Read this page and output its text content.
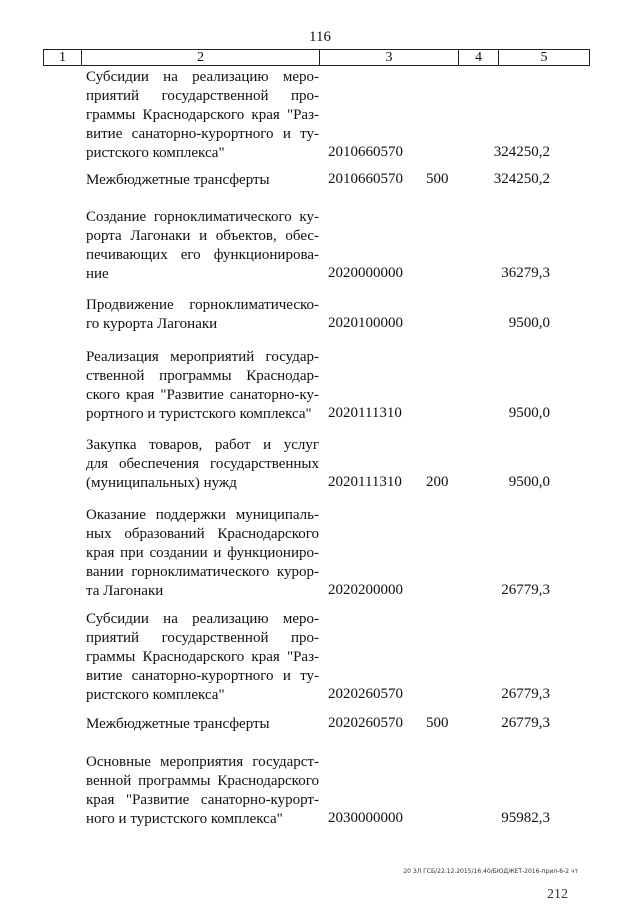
116
1	2	3	4	5
Субсидии на реализацию меро-
приятий государственной про-
граммы Краснодарского края "Раз-
витие санаторно-курортного и ту-
ристского комплекса"	2010660570	324250,2
Межбюджетные трансферты	2010660570 500	324250,2
Создание горноклиматического ку-
рорта Лагонаки и объектов, обес-
печивающих его функционирова-
ние	2020000000	36279,3
Продвижение горноклиматическо-
го курорта Лагонаки	2020100000	9500,0
Реализация мероприятий государ-
ственной программы Краснодар-
ского края "Развитие санаторно-ку-
рортного и туристского комплекса"	2020111310	9500,0
Закупка товаров, работ и услуг
для обеспечения государственных
(муниципальных) нужд	2020111310 200	9500,0
Оказание поддержки муниципаль-
ных образований Краснодарского
края при создании и функциониро-
вании горноклиматического курор-
та Лагонаки	2020200000	26779,3
Субсидии на реализацию меро-
приятий государственной про-
граммы Краснодарского края "Раз-
витие санаторно-курортного и ту-
ристского комплекса"	2020260570	26779,3
Межбюджетные трансферты	2020260570 500	26779,3
Основные мероприятия государст-
венной программы Краснодарского
края "Развитие санаторно-курорт-
ного и туристского комплекса"	2030000000	95982,3
20 ЗЛ ГСБ/22.12.2015/16:40/БЮДЖЕТ-2016-прил-6-2 чт
212
